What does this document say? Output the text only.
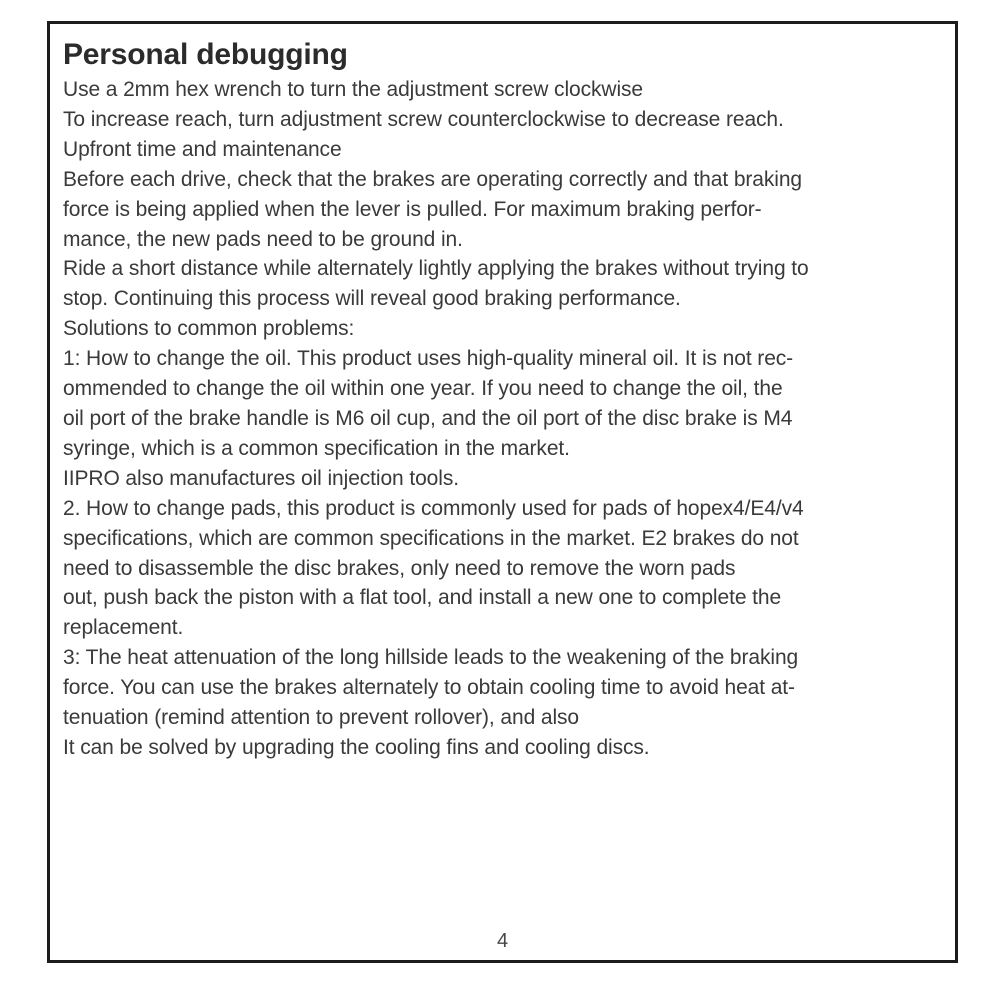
Personal debugging
Use a 2mm hex wrench to turn the adjustment screw clockwise
To increase reach, turn adjustment screw counterclockwise to decrease reach.
Upfront time and maintenance
Before each drive, check that the brakes are operating correctly and that braking
force is being applied when the lever is pulled. For maximum braking perfor-
mance, the new pads need to be ground in.
Ride a short distance while alternately lightly applying the brakes without trying to
stop. Continuing this process will reveal good braking performance.
Solutions to common problems:
1: How to change the oil. This product uses high-quality mineral oil. It is not rec-
ommended to change the oil within one year. If you need to change the oil, the
oil port of the brake handle is M6 oil cup, and the oil port of the disc brake is M4
syringe, which is a common specification in the market.
IIPRO also manufactures oil injection tools.
2. How to change pads, this product is commonly used for pads of hopex4/E4/v4
specifications, which are common specifications in the market. E2 brakes do not
need to disassemble the disc brakes, only need to remove the worn pads
out, push back the piston with a flat tool, and install a new one to complete the
replacement.
3: The heat attenuation of the long hillside leads to the weakening of the braking
force. You can use the brakes alternately to obtain cooling time to avoid heat at-
tenuation (remind attention to prevent rollover), and also
It can be solved by upgrading the cooling fins and cooling discs.
4
